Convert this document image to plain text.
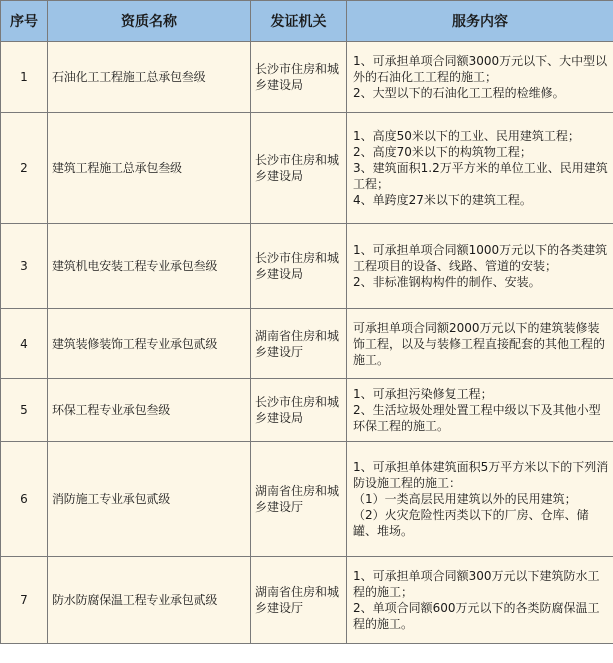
序号	资质名称	发证机关	服务内容
1	石油化工工程施工总承包叁级	长沙市住房和城乡建设局	1、可承担单项合同额3000万元以下、大中型以外的石油化工工程的施工；
2、大型以下的石油化工工程的检维修。

2	建筑工程施工总承包叁级	长沙市住房和城乡建设局	1、高度50米以下的工业、民用建筑工程；
2、高度70米以下的构筑物工程；
3、建筑面积1.2万平方米的单位工业、民用建筑工程；
4、单跨度27米以下的建筑工程。

3	建筑机电安装工程专业承包叁级	长沙市住房和城乡建设局	1、可承担单项合同额1000万元以下的各类建筑工程项目的设备、线路、管道的安装；
2、非标准钢构构件的制作、安装。

4	建筑装修装饰工程专业承包贰级	湖南省住房和城乡建设厅	可承担单项合同额2000万元以下的建筑装修装饰工程，以及与装修工程直接配套的其他工程的施工。

5	环保工程专业承包叁级	长沙市住房和城乡建设局	1、可承担污染修复工程；
2、生活垃圾处理处置工程中级以下及其他小型环保工程的施工。

6	消防施工专业承包贰级	湖南省住房和城乡建设厅	1、可承担单体建筑面积5万平方米以下的下列消防设施工程的施工：
（1）一类高层民用建筑以外的民用建筑；
（2）火灾危险性丙类以下的厂房、仓库、储罐、堆场。

7	防水防腐保温工程专业承包贰级	湖南省住房和城乡建设厅	1、可承担单项合同额300万元以下建筑防水工程的施工；
2、单项合同额600万元以下的各类防腐保温工程的施工。
